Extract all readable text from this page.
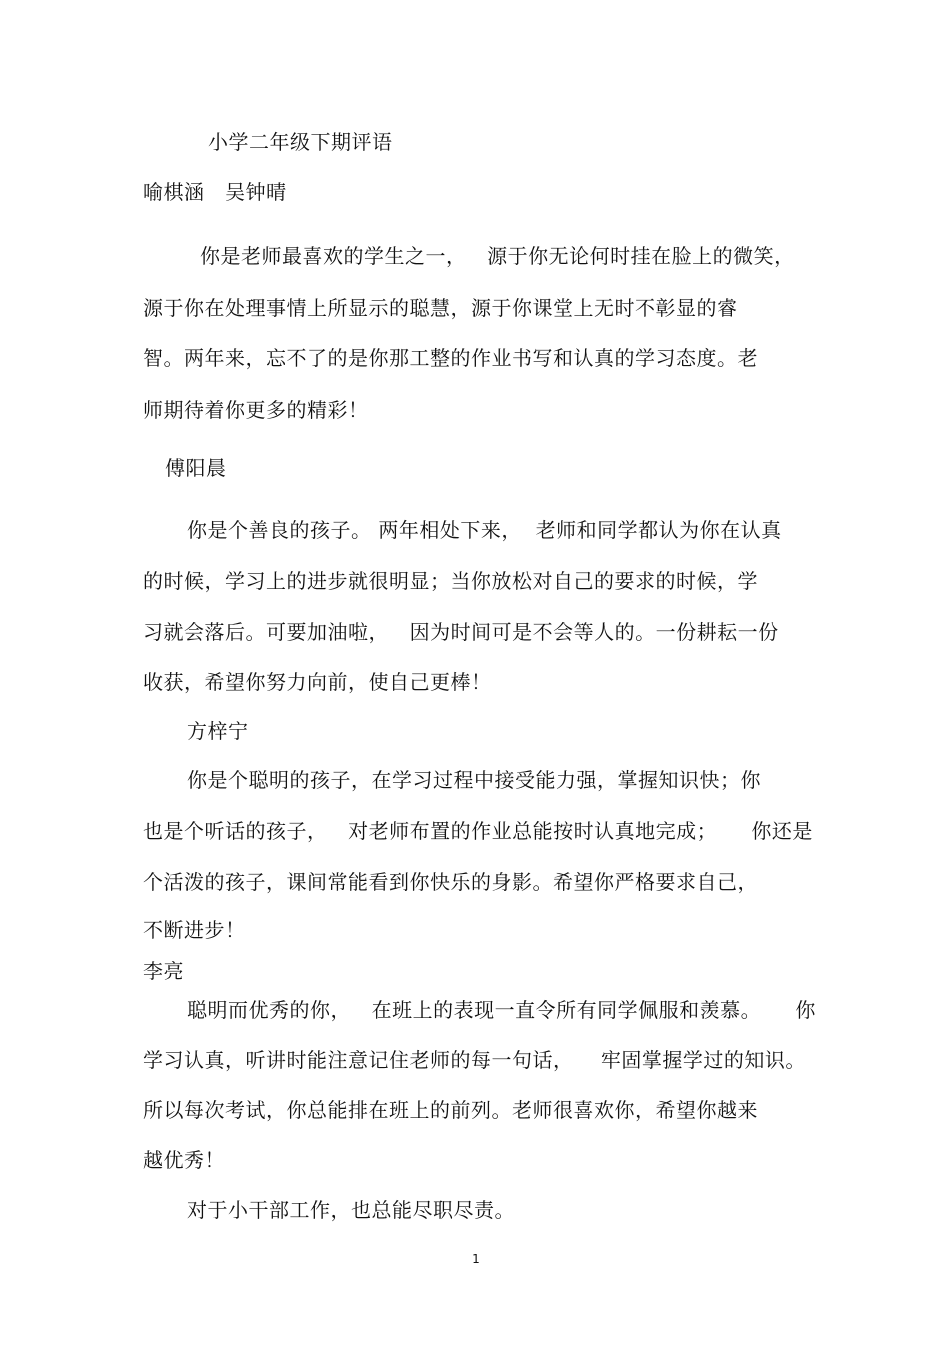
小学二年级下期评语
喻棋涵   吴钟晴
你是老师最喜欢的学生之一，   源于你无论何时挂在脸上的微笑，
源于你在处理事情上所显示的聪慧，源于你课堂上无时不彰显的睿
智。两年来，忘不了的是你那工整的作业书写和认真的学习态度。老
师期待着你更多的精彩！
傅阳晨
你是个善良的孩子。 两年相处下来，  老师和同学都认为你在认真
的时候，学习上的进步就很明显；当你放松对自己的要求的时候，学
习就会落后。可要加油啦，   因为时间可是不会等人的。一份耕耘一份
收获，希望你努力向前，使自己更棒！
方梓宁
你是个聪明的孩子，在学习过程中接受能力强，掌握知识快；你
也是个听话的孩子，   对老师布置的作业总能按时认真地完成；     你还是
个活泼的孩子，课间常能看到你快乐的身影。希望你严格要求自己，
不断进步！
李亮
聪明而优秀的你，   在班上的表现一直令所有同学佩服和羡慕。     你
学习认真，听讲时能注意记住老师的每一句话，    牢固掌握学过的知识。
所以每次考试，你总能排在班上的前列。老师很喜欢你，希望你越来
越优秀！
对于小干部工作，也总能尽职尽责。
1
